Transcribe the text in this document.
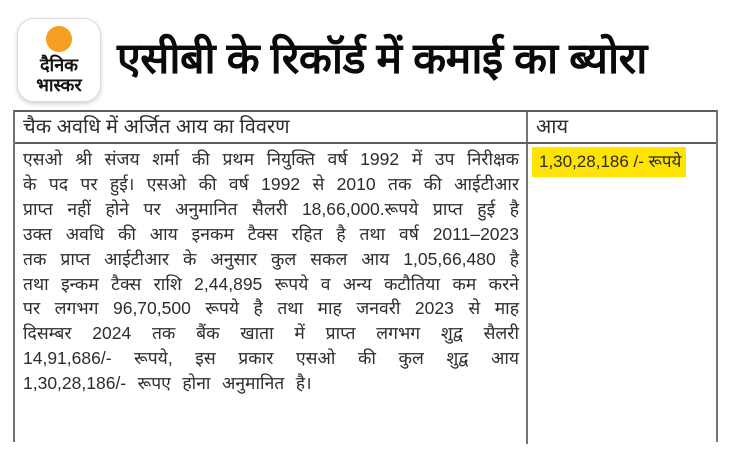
दैनिक
भास्कर
एसीबी के रिकॉर्ड में कमाई का ब्योरा
चैक अवधि में अर्जित आय का विवरण	आय
एसओ श्री संजय शर्मा की प्रथम नियुक्ति वर्ष 1992 में उप निरीक्षक के पद पर हुई। एसओ की वर्ष 1992 से 2010 तक की आईटीआर प्राप्त नहीं होने पर अनुमानित सैलरी 18,66,000.रूपये प्राप्त हुई है उक्त अवधि की आय इनकम टैक्स रहित है तथा वर्ष 2011–2023 तक प्राप्त आईटीआर के अनुसार कुल सकल आय 1,05,66,480 है तथा इन्कम टैक्स राशि 2,44,895 रूपये व अन्य कटौतिया कम करने पर लगभग 96,70,500 रूपये है तथा माह जनवरी 2023 से माह दिसम्बर 2024 तक बैंक खाता में प्राप्त लगभग शुद्व सैलरी 14,91,686/- रूपये, इस प्रकार एसओ की कुल शुद्व आय 1,30,28,186/- रूपए होना अनुमानित है।
1,30,28,186 /- रूपये
